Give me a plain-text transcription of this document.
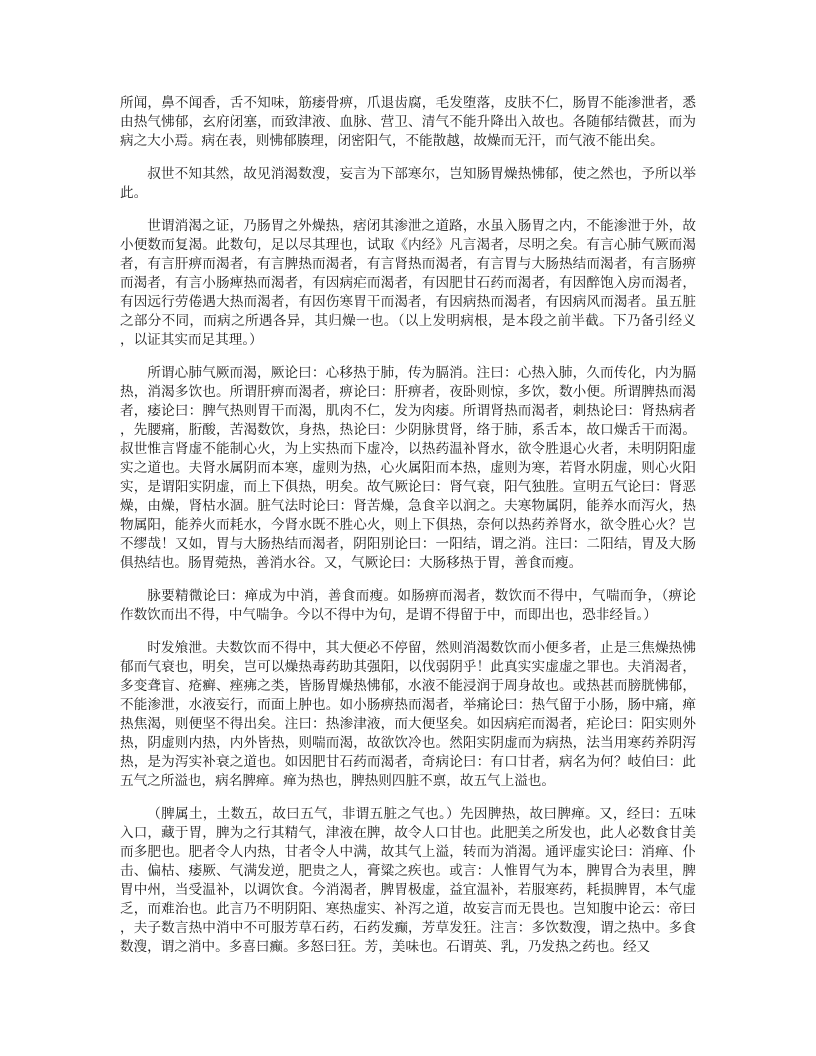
所闻，鼻不闻香，舌不知味，筋痿骨痹，爪退齿腐，毛发堕落，皮肤不仁，肠胃不能渗泄者，悉由热气怫郁，玄府闭塞，而致津液、血脉、营卫、清气不能升降出入故也。各随郁结微甚，而为病之大小焉。病在表，则怫郁腠理，闭密阳气，不能散越，故燥而无汗，而气液不能出矣。

叔世不知其然，故见消渴数溲，妄言为下部寒尔，岂知肠胃燥热怫郁，使之然也，予所以举此。

世谓消渴之证，乃肠胃之外燥热，痞闭其渗泄之道路，水虽入肠胃之内，不能渗泄于外，故小便数而复渴。此数句，足以尽其理也，试取《内经》凡言渴者，尽明之矣。有言心肺气厥而渴者，有言肝痹而渴者，有言脾热而渴者，有言肾热而渴者，有言胃与大肠热结而渴者，有言肠痹而渴者，有言小肠痺热而渴者，有因病疟而渴者，有因肥甘石药而渴者，有因醉饱入房而渴者，有因远行劳倦遇大热而渴者，有因伤寒胃干而渴者，有因病热而渴者，有因病风而渴者。虽五脏之部分不同，而病之所遇各异，其归燥一也。（以上发明病根，是本段之前半截。下乃备引经义，以证其实而足其理。）

所谓心肺气厥而渴，厥论曰：心移热于肺，传为膈消。注曰：心热入肺，久而传化，内为膈热，消渴多饮也。所谓肝痹而渴者，痹论曰：肝痹者，夜卧则惊，多饮，数小便。所谓脾热而渴者，痿论曰：脾气热则胃干而渴，肌肉不仁，发为肉痿。所谓肾热而渴者，刺热论曰：肾热病者，先腰痛，胻酸，苦渴数饮，身热，热论曰：少阴脉贯肾，络于肺，系舌本，故口燥舌干而渴。叔世惟言肾虚不能制心火，为上实热而下虚冷，以热药温补肾水，欲令胜退心火者，未明阴阳虚实之道也。夫肾水属阴而本寒，虚则为热，心火属阳而本热，虚则为寒，若肾水阴虚，则心火阳实，是谓阳实阴虚，而上下俱热，明矣。故气厥论曰：肾气衰，阳气独胜。宣明五气论曰：肾恶燥，由燥，肾枯水涸。脏气法时论曰：肾苦燥，急食辛以润之。夫寒物属阴，能养水而泻火，热物属阳，能养火而耗水，今肾水既不胜心火，则上下俱热，奈何以热药养肾水，欲令胜心火？岂不缪哉！又如，胃与大肠热结而渴者，阴阳别论曰：一阳结，谓之消。注曰：二阳结，胃及大肠俱热结也。肠胃菀热，善消水谷。又，气厥论曰：大肠移热于胃，善食而瘦。

脉要精微论曰：瘅成为中消，善食而瘦。如肠痹而渴者，数饮而不得中，气喘而争，（痹论作数饮而出不得，中气喘争。今以不得中为句，是谓不得留于中，而即出也，恐非经旨。）

时发飧泄。夫数饮而不得中，其大便必不停留，然则消渴数饮而小便多者，止是三焦燥热怫郁而气衰也，明矣，岂可以燥热毒药助其强阳，以伐弱阴乎！此真实实虚虚之罪也。夫消渴者，多变聋盲、疮癣、痤疿之类，皆肠胃燥热怫郁，水液不能浸润于周身故也。或热甚而膀胱怫郁，不能渗泄，水液妄行，而面上肿也。如小肠痹热而渴者，举痛论曰：热气留于小肠，肠中痛，瘅热焦渴，则便坚不得出矣。注曰：热渗津液，而大便坚矣。如因病疟而渴者，疟论曰：阳实则外热，阴虚则内热，内外皆热，则喘而渴，故欲饮冷也。然阳实阴虚而为病热，法当用寒药养阴泻热，是为泻实补衰之道也。如因肥甘石药而渴者，奇病论曰：有口甘者，病名为何？岐伯曰：此五气之所溢也，病名脾瘅。瘅为热也，脾热则四脏不禀，故五气上溢也。

（脾属土，土数五，故曰五气，非谓五脏之气也。）先因脾热，故曰脾瘅。又，经曰：五味入口，藏于胃，脾为之行其精气，津液在脾，故令人口甘也。此肥美之所发也，此人必数食甘美而多肥也。肥者令人内热，甘者令人中满，故其气上溢，转而为消渴。通评虚实论曰：消瘅、仆击、偏枯、痿厥、气满发逆，肥贵之人，膏粱之疾也。或言：人惟胃气为本，脾胃合为表里，脾胃中州，当受温补，以调饮食。今消渴者，脾胃极虚，益宜温补，若服寒药，耗损脾胃，本气虚乏，而难治也。此言乃不明阴阳、寒热虚实、补泻之道，故妄言而无畏也。岂知腹中论云：帝曰，夫子数言热中消中不可服芳草石药，石药发癫，芳草发狂。注言：多饮数溲，谓之热中。多食数溲，谓之消中。多喜曰癫。多怒曰狂。芳，美味也。石谓英、乳，乃发热之药也。经又
